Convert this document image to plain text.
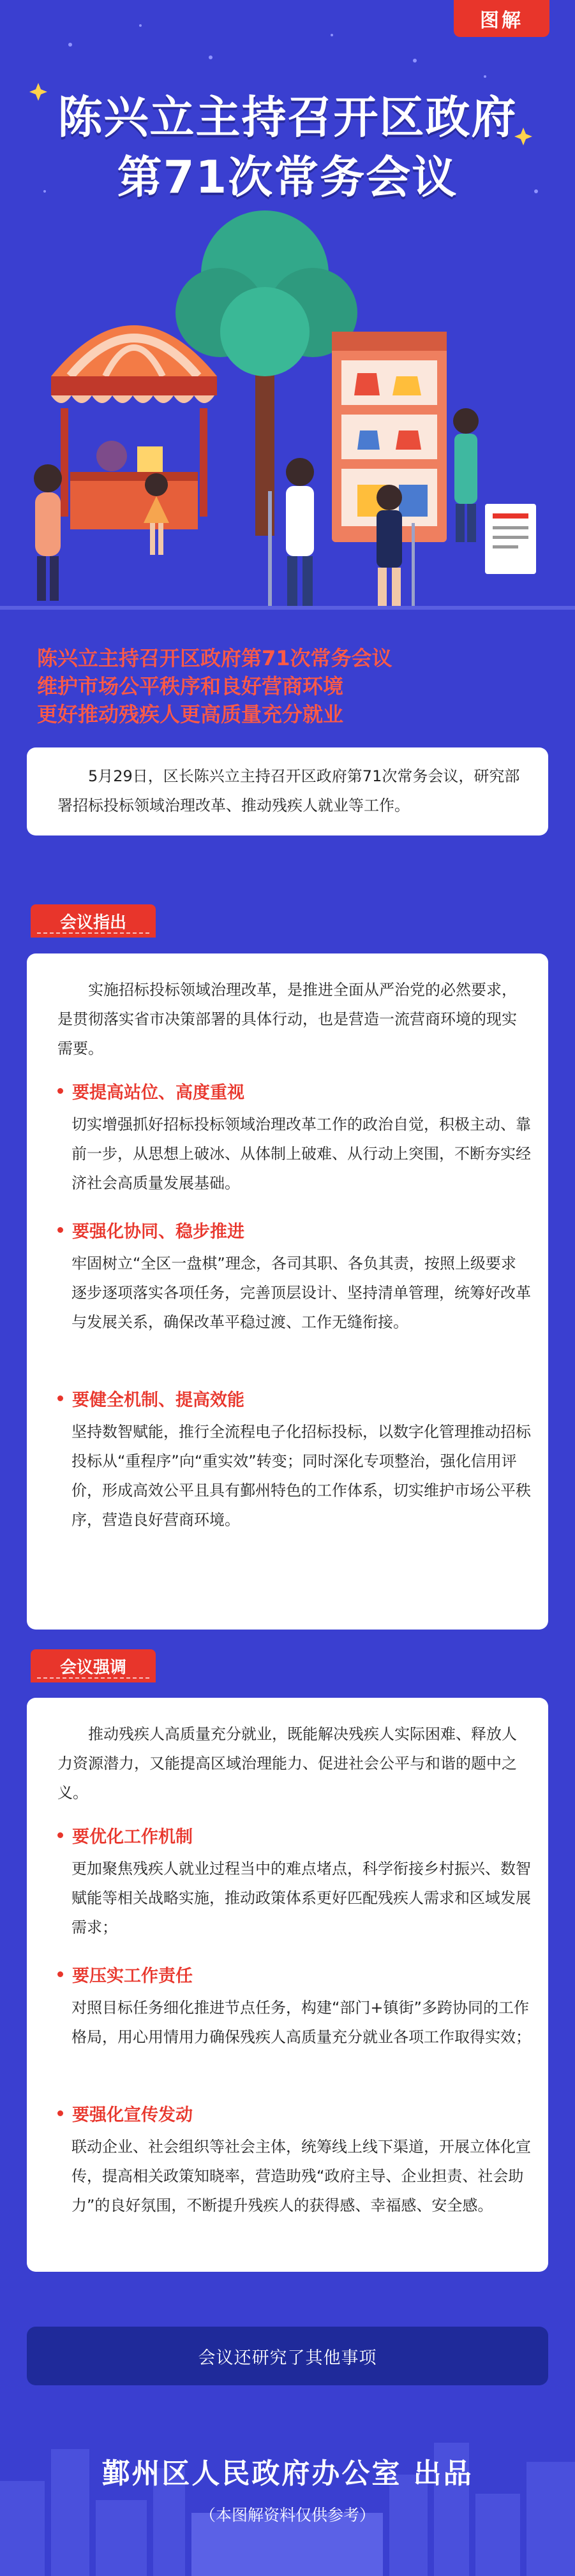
图解
陈兴立主持召开区政府
第71次常务会议
陈兴立主持召开区政府第71次常务会议
维护市场公平秩序和良好营商环境
更好推动残疾人更高质量充分就业

5月29日，区长陈兴立主持召开区政府第71次常务会议，研究部署招标投标领域治理改革、推动残疾人就业等工作。

会议指出

实施招标投标领域治理改革，是推进全面从严治党的必然要求，是贯彻落实省市决策部署的具体行动，也是营造一流营商环境的现实需要。

要提高站位、高度重视

切实增强抓好招标投标领域治理改革工作的政治自觉，积极主动、靠前一步，从思想上破冰、从体制上破难、从行动上突围，不断夯实经济社会高质量发展基础。

要强化协同、稳步推进

牢固树立“全区一盘棋”理念，各司其职、各负其责，按照上级要求逐步逐项落实各项任务，完善顶层设计、坚持清单管理，统筹好改革与发展关系，确保改革平稳过渡、工作无缝衔接。

要健全机制、提高效能

坚持数智赋能，推行全流程电子化招标投标，以数字化管理推动招标投标从“重程序”向“重实效”转变；同时深化专项整治，强化信用评价，形成高效公平且具有鄞州特色的工作体系，切实维护市场公平秩序，营造良好营商环境。

会议强调

推动残疾人高质量充分就业，既能解决残疾人实际困难、释放人力资源潜力，又能提高区域治理能力、促进社会公平与和谐的题中之义。

要优化工作机制

更加聚焦残疾人就业过程当中的难点堵点，科学衔接乡村振兴、数智赋能等相关战略实施，推动政策体系更好匹配残疾人需求和区域发展需求；

要压实工作责任

对照目标任务细化推进节点任务，构建“部门+镇街”多跨协同的工作格局，用心用情用力确保残疾人高质量充分就业各项工作取得实效；

要强化宣传发动

联动企业、社会组织等社会主体，统筹线上线下渠道，开展立体化宣传，提高相关政策知晓率，营造助残“政府主导、企业担责、社会助力”的良好氛围，不断提升残疾人的获得感、幸福感、安全感。

会议还研究了其他事项
鄞州区人民政府办公室 出品
（本图解资料仅供参考）
